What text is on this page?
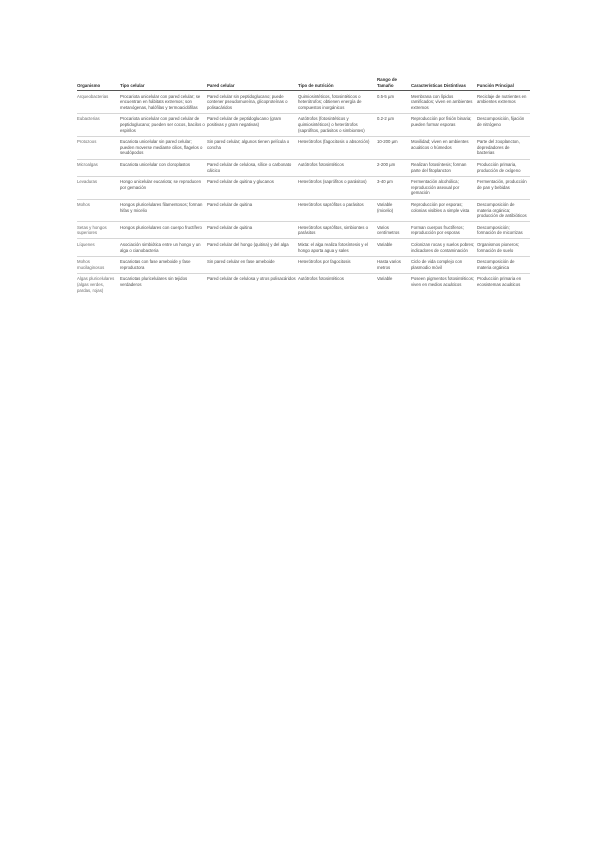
Organismo	Tipo celular	Pared celular	Tipo de nutrición	Rango de Tamaño	Características Distintivas	Función Principal
Arqueobacterias	Procariota unicelular con pared celular; se encuentran en hábitats extremos; son metanógenas, halófilas y termoacidófilas	Pared celular sin peptidoglucano; puede contener pseudomureína, glicoproteínas o polisacáridos	Quimiosintéticos, fotosintéticos o heterótrofos; obtienen energía de compuestos inorgánicos	0.5-5 µm	Membrana con lípidos ramificados; viven en ambientes extremos	Reciclaje de nutrientes en ambientes extremos
Eubacterias	Procariota unicelular con pared celular de peptidoglucano; pueden ser cocos, bacilos o espirilos	Pared celular de peptidoglucano (gram positivas y gram negativas)	Autótrofos (fotosintéticos y quimiosintéticos) o heterótrofos (saprófitos, parásitos o simbiontes)	0.2-2 µm	Reproducción por fisión binaria; pueden formar esporas	Descomposición, fijación de nitrógeno
Protozoos	Eucariota unicelular sin pared celular; pueden moverse mediante cilios, flagelos o seudópodos	Sin pared celular; algunos tienen película o concha	Heterótrofos (fagocitosis o absorción)	10-200 µm	Movilidad; viven en ambientes acuáticos o húmedos	Parte del zooplancton, depredadores de bacterias
Microalgas	Eucariota unicelular con cloroplastos	Pared celular de celulosa, sílice o carbonato cálcico	Autótrofos fotosintéticos	2-200 µm	Realizan fotosíntesis; forman parte del fitoplancton	Producción primaria, producción de oxígeno
Levaduras	Hongo unicelular eucariota; se reproducen por gemación	Pared celular de quitina y glucanos	Heterótrofos (saprófitos o parásitos)	3-40 µm	Fermentación alcohólica; reproducción asexual por gemación	Fermentación, producción de pan y bebidas
Mohos	Hongos pluricelulares filamentosos; forman hifas y micelio	Pared celular de quitina	Heterótrofos saprófitos o parásitos	Variable (micelio)	Reproducción por esporas; colonias visibles a simple vista	Descomposición de materia orgánica; producción de antibióticos
Setas y hongos superiores	Hongos pluricelulares con cuerpo fructífero	Pared celular de quitina	Heterótrofos saprófitos, simbiontes o parásitos	Varios centímetros	Forman cuerpos fructíferos; reproducción por esporas	Descomposición; formación de micorrizas
Líquenes	Asociación simbiótica entre un hongo y un alga o cianobacteria	Pared celular del hongo (quitina) y del alga	Mixta: el alga realiza fotosíntesis y el hongo aporta agua y sales	Variable	Colonizan rocas y suelos pobres; indicadores de contaminación	Organismos pioneros; formación de suelo
Mohos mucilaginosos	Eucariotas con fase ameboide y fase reproductora	Sin pared celular en fase ameboide	Heterótrofos por fagocitosis	Hasta varios metros	Ciclo de vida complejo con plasmodio móvil	Descomposición de materia orgánica
Algas pluricelulares (algas verdes, pardas, rojas)	Eucariotas pluricelulares sin tejidos verdaderos	Pared celular de celulosa y otros polisacáridos	Autótrofos fotosintéticos	Variable	Poseen pigmentos fotosintéticos; viven en medios acuáticos	Producción primaria en ecosistemas acuáticos
